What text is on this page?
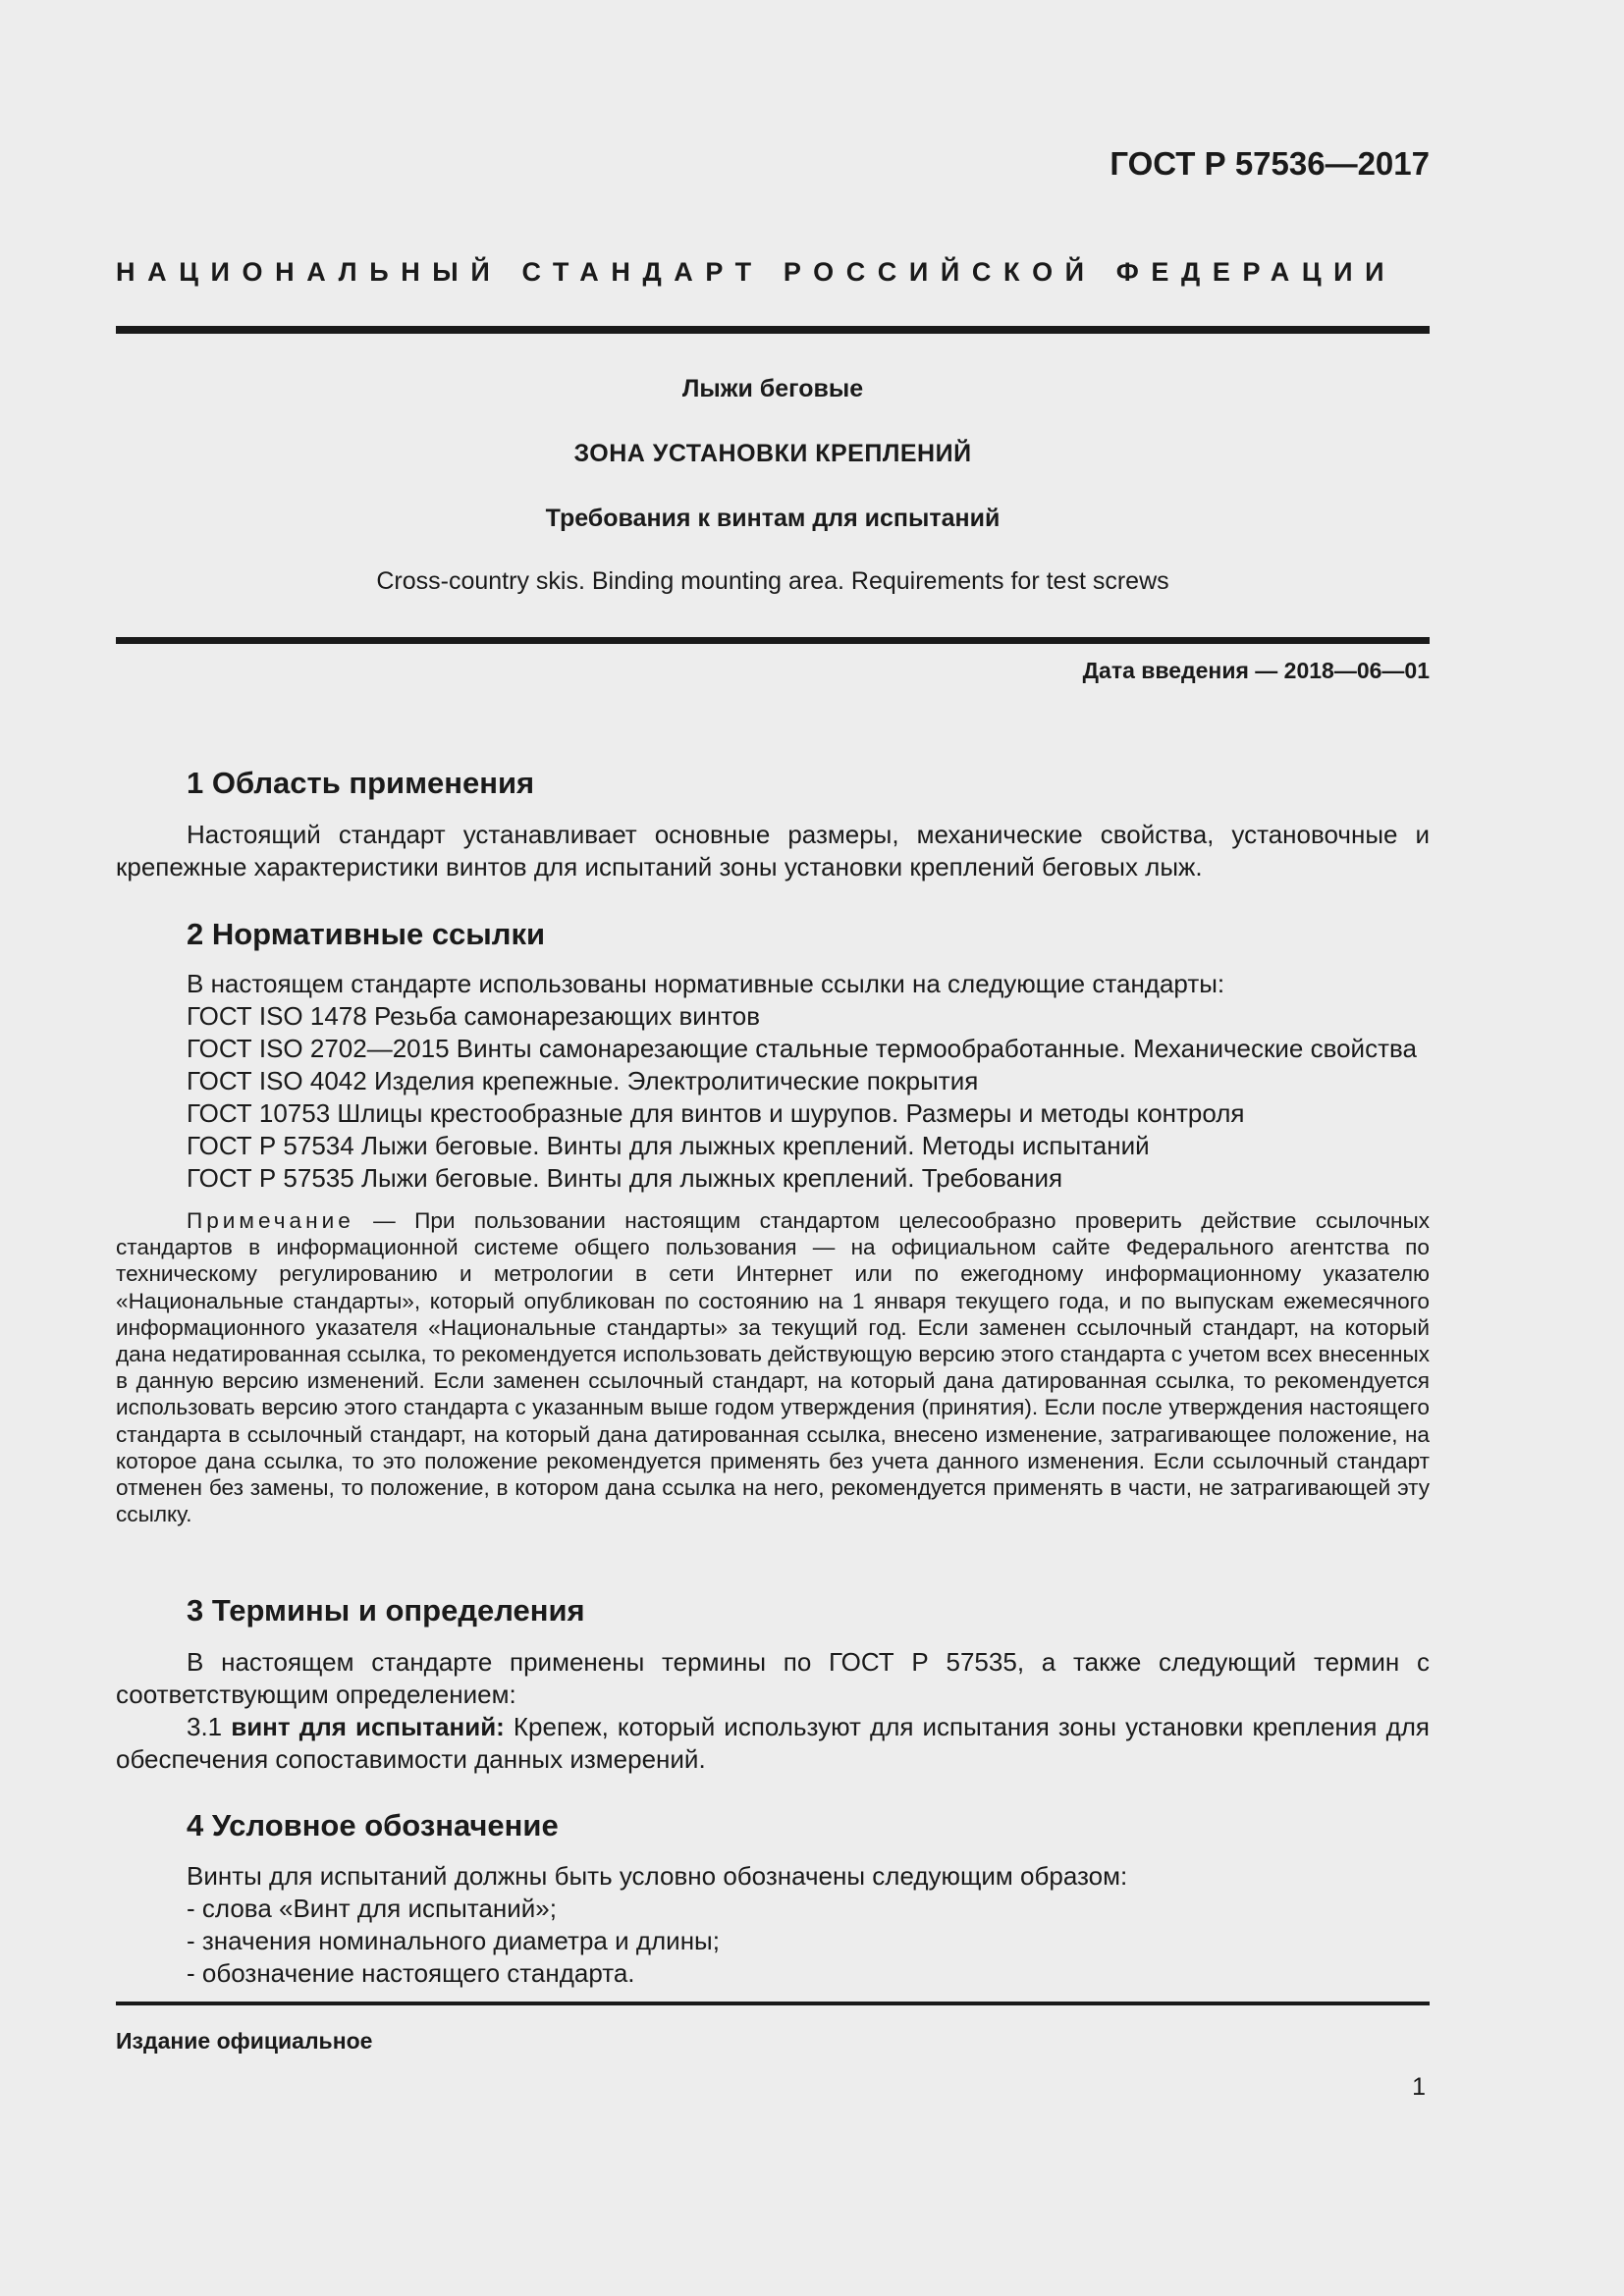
ГОСТ Р 57536—2017
НАЦИОНАЛЬНЫЙ СТАНДАРТ РОССИЙСКОЙ ФЕДЕРАЦИИ
Лыжи беговые
ЗОНА УСТАНОВКИ КРЕПЛЕНИЙ
Требования к винтам для испытаний
Cross-country skis. Binding mounting area. Requirements for test screws
Дата введения — 2018—06—01
1 Область применения
Настоящий стандарт устанавливает основные размеры, механические свойства, установочные и крепежные характеристики винтов для испытаний зоны установки креплений беговых лыж.
2 Нормативные ссылки
В настоящем стандарте использованы нормативные ссылки на следующие стандарты:
ГОСТ ISO 1478 Резьба самонарезающих винтов
ГОСТ ISO 2702—2015 Винты самонарезающие стальные термообработанные. Механические свойства
ГОСТ ISO 4042 Изделия крепежные. Электролитические покрытия
ГОСТ 10753 Шлицы крестообразные для винтов и шурупов. Размеры и методы контроля
ГОСТ Р 57534 Лыжи беговые. Винты для лыжных креплений. Методы испытаний
ГОСТ Р 57535 Лыжи беговые. Винты для лыжных креплений. Требования
Примечание — При пользовании настоящим стандартом целесообразно проверить действие ссылочных стандартов в информационной системе общего пользования — на официальном сайте Федерального агентства по техническому регулированию и метрологии в сети Интернет или по ежегодному информационному указателю «Национальные стандарты», который опубликован по состоянию на 1 января текущего года, и по выпускам ежемесячного информационного указателя «Национальные стандарты» за текущий год. Если заменен ссылочный стандарт, на который дана недатированная ссылка, то рекомендуется использовать действующую версию этого стандарта с учетом всех внесенных в данную версию изменений. Если заменен ссылочный стандарт, на который дана датированная ссылка, то рекомендуется использовать версию этого стандарта с указанным выше годом утверждения (принятия). Если после утверждения настоящего стандарта в ссылочный стандарт, на который дана датированная ссылка, внесено изменение, затрагивающее положение, на которое дана ссылка, то это положение рекомендуется применять без учета данного изменения. Если ссылочный стандарт отменен без замены, то положение, в котором дана ссылка на него, рекомендуется применять в части, не затрагивающей эту ссылку.
3 Термины и определения
В настоящем стандарте применены термины по ГОСТ Р 57535, а также следующий термин с соответствующим определением:
3.1 винт для испытаний: Крепеж, который используют для испытания зоны установки крепления для обеспечения сопоставимости данных измерений.
4 Условное обозначение
Винты для испытаний должны быть условно обозначены следующим образом:
- слова «Винт для испытаний»;
- значения номинального диаметра и длины;
- обозначение настоящего стандарта.
Издание официальное
1
